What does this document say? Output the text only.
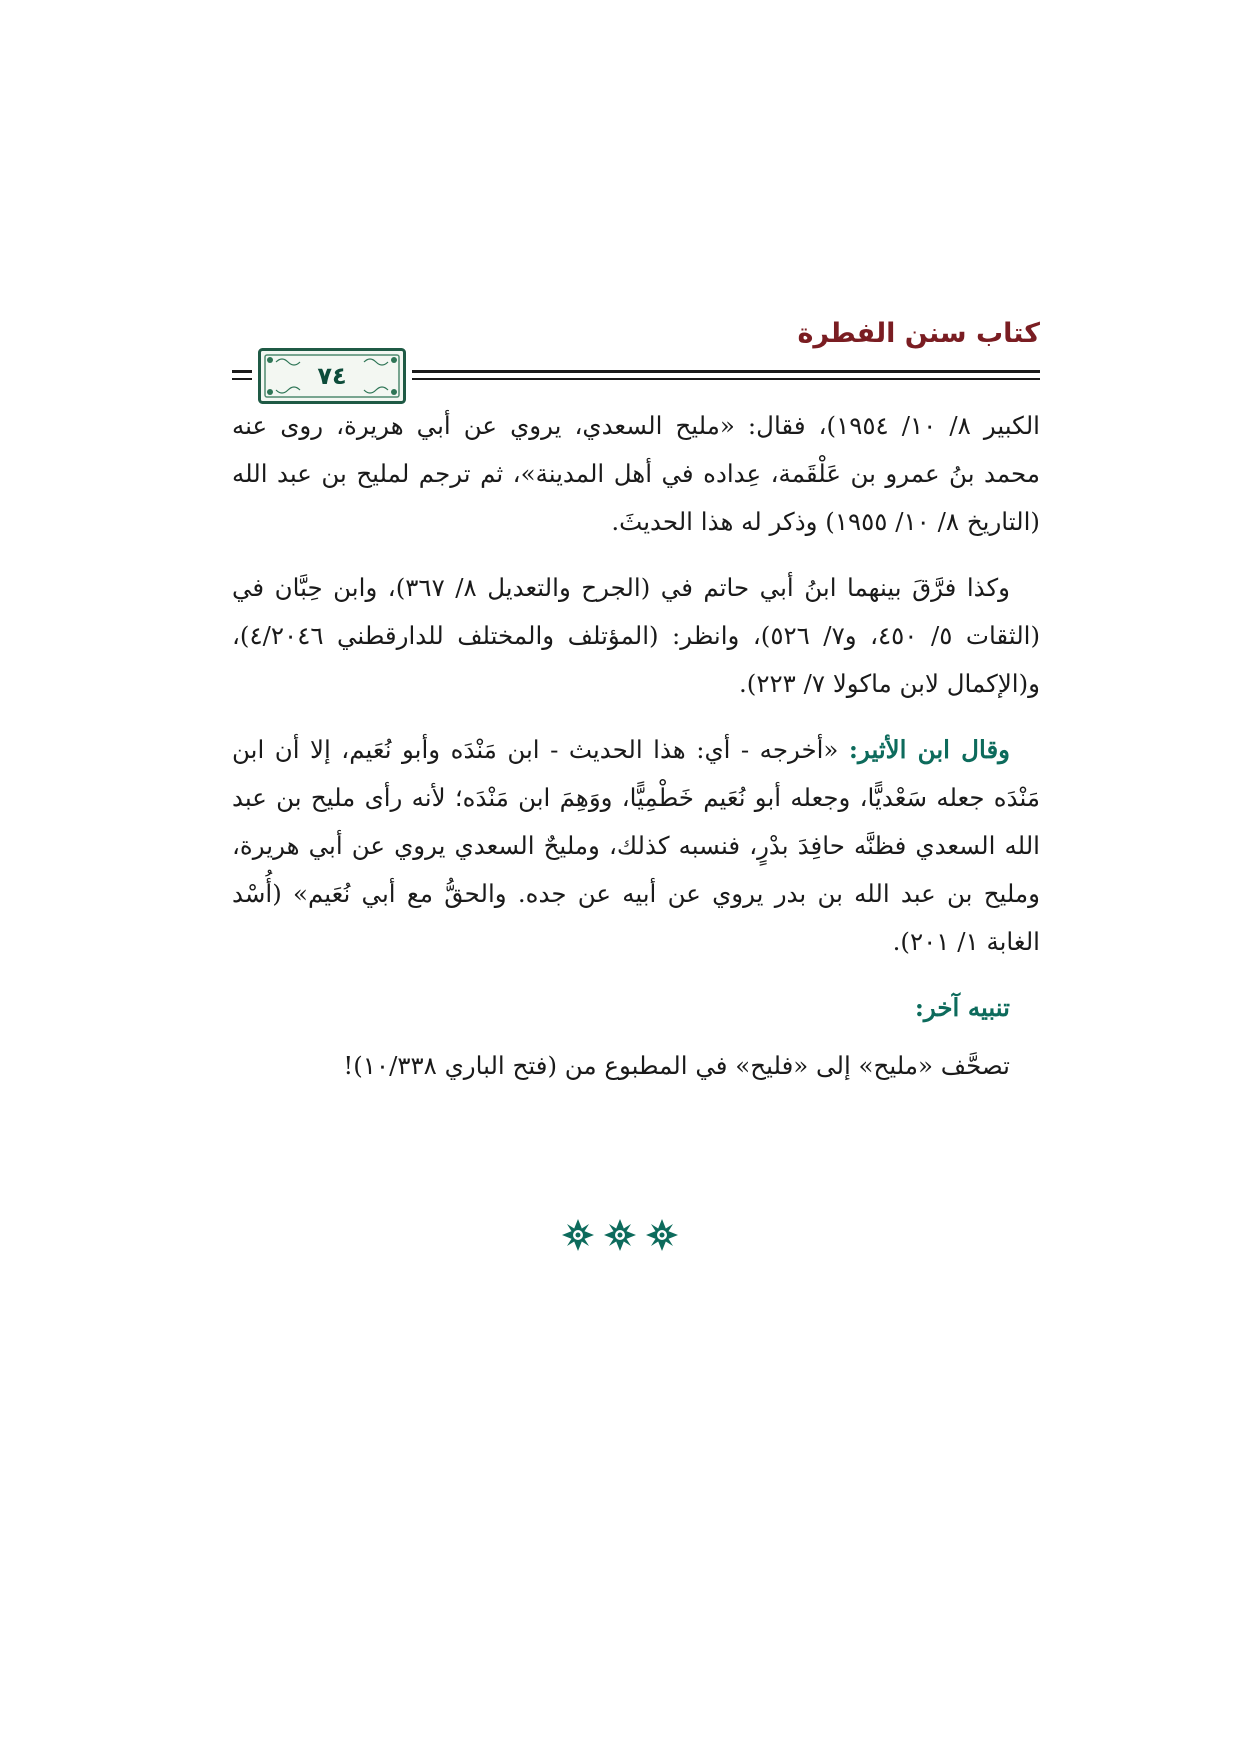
كتاب سنن الفطرة
٧٤

الكبير ٨/ ١٠/ ١٩٥٤)، فقال: «مليح السعدي، يروي عن أبي هريرة، روى عنه محمد بنُ عمرو بن عَلْقَمة، عِداده في أهل المدينة»، ثم ترجم لمليح بن عبد الله (التاريخ ٨/ ١٠/ ١٩٥٥) وذكر له هذا الحديثَ.

وكذا فرَّقَ بينهما ابنُ أبي حاتم في (الجرح والتعديل ٨/ ٣٦٧)، وابن حِبَّان في (الثقات ٥/ ٤٥٠، و٧/ ٥٢٦)، وانظر: (المؤتلف والمختلف للدارقطني ٤/٢٠٤٦)، و(الإكمال لابن ماكولا ٧/ ٢٢٣).

وقال ابن الأثير: «أخرجه - أي: هذا الحديث - ابن مَنْدَه وأبو نُعَيم، إلا أن ابن مَنْدَه جعله سَعْديًّا، وجعله أبو نُعَيم خَطْمِيًّا، ووَهِمَ ابن مَنْدَه؛ لأنه رأى مليح بن عبد الله السعدي فظنَّه حافِدَ بدْرٍ، فنسبه كذلك، ومليحٌ السعدي يروي عن أبي هريرة، ومليح بن عبد الله بن بدر يروي عن أبيه عن جده. والحقُّ مع أبي نُعَيم» (أُسْد الغابة ١/ ٢٠١).

تنبيه آخر:

تصحَّف «مليح» إلى «فليح» في المطبوع من (فتح الباري ١٠/٣٣٨)!
